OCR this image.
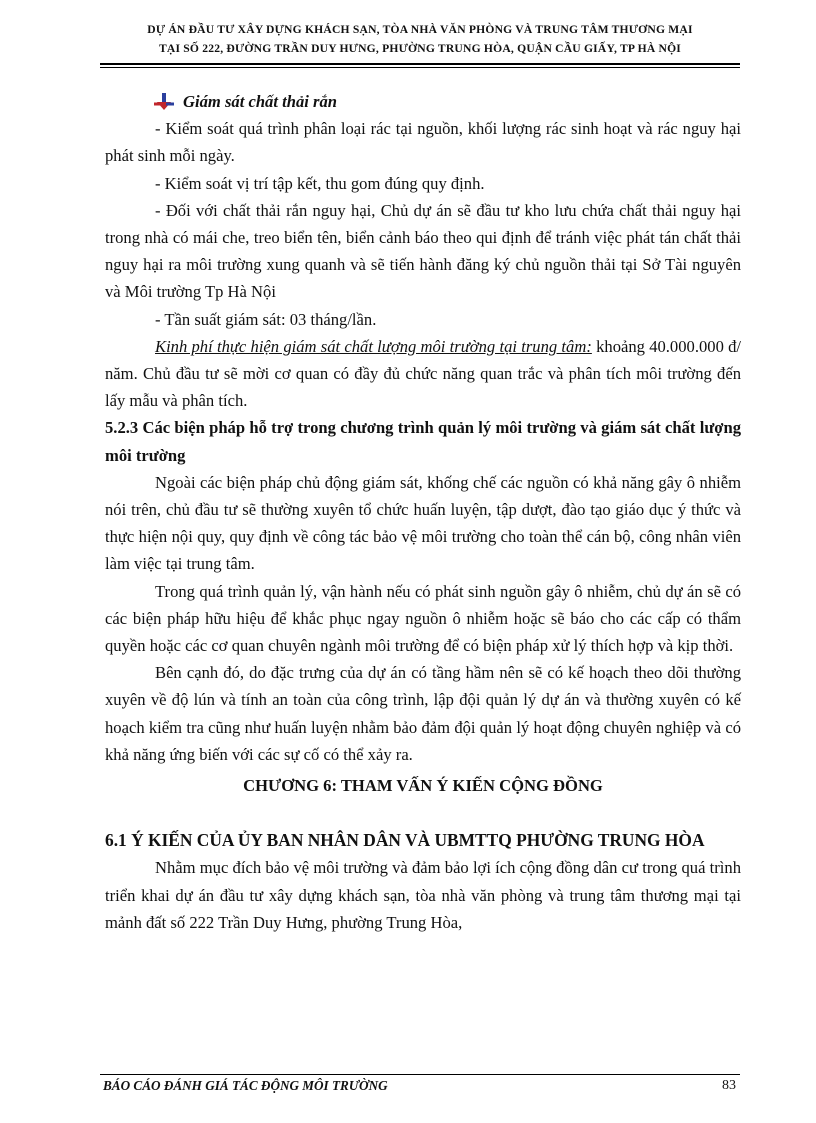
DỰ ÁN ĐẦU TƯ XÂY DỰNG KHÁCH SẠN, TÒA NHÀ VĂN PHÒNG VÀ TRUNG TÂM THƯƠNG MẠI
TẠI SỐ 222, ĐƯỜNG TRẦN DUY HƯNG, PHƯỜNG TRUNG HÒA, QUẬN CẦU GIẤY, TP HÀ NỘI

Giám sát chất thải rắn

- Kiểm soát quá trình phân loại rác tại nguồn, khối lượng rác sinh hoạt và rác nguy hại phát sinh mỗi ngày.

- Kiểm soát vị trí tập kết, thu gom đúng quy định.

- Đối với chất thải rắn nguy hại, Chủ dự án sẽ đầu tư kho lưu chứa chất thải nguy hại trong nhà có mái che, treo biển tên, biển cảnh báo theo qui định để tránh việc phát tán chất thải nguy hại ra môi trường xung quanh và sẽ tiến hành đăng ký chủ nguồn thải tại Sở Tài nguyên và Môi trường Tp Hà Nội

- Tần suất giám sát: 03 tháng/lần.

Kinh phí thực hiện giám sát chất lượng môi trường tại trung tâm: khoảng 40.000.000 đ/ năm. Chủ đầu tư sẽ mời cơ quan có đầy đủ chức năng quan trắc và phân tích môi trường đến lấy mẫu và phân tích.

5.2.3 Các biện pháp hỗ trợ trong chương trình quản lý môi trường và giám sát chất lượng môi trường

Ngoài các biện pháp chủ động giám sát, khống chế các nguồn có khả năng gây ô nhiễm nói trên, chủ đầu tư sẽ thường xuyên tổ chức huấn luyện, tập dượt, đào tạo giáo dục ý thức và thực hiện nội quy, quy định về công tác bảo vệ môi trường cho toàn thể cán bộ, công nhân viên làm việc tại trung tâm.

Trong quá trình quản lý, vận hành nếu có phát sinh nguồn gây ô nhiễm, chủ dự án sẽ có các biện pháp hữu hiệu để khắc phục ngay nguồn ô nhiễm hoặc sẽ báo cho các cấp có thẩm quyền hoặc các cơ quan chuyên ngành môi trường để có biện pháp xử lý thích hợp và kịp thời.

Bên cạnh đó, do đặc trưng của dự án có tầng hầm nên sẽ có kế hoạch theo dõi thường xuyên về độ lún và tính an toàn của công trình, lập đội quản lý dự án và thường xuyên có kế hoạch kiểm tra cũng như huấn luyện nhằm bảo đảm đội quản lý hoạt động chuyên nghiệp và có khả năng ứng biến với các sự cố có thể xảy ra.

CHƯƠNG 6: THAM VẤN Ý KIẾN CỘNG ĐỒNG

6.1 Ý KIẾN CỦA ỦY BAN NHÂN DÂN VÀ UBMTTQ PHƯỜNG TRUNG HÒA

Nhằm mục đích bảo vệ môi trường và đảm bảo lợi ích cộng đồng dân cư trong quá trình triển khai dự án đầu tư xây dựng khách sạn, tòa nhà văn phòng và trung tâm thương mại tại mảnh đất số 222 Trần Duy Hưng, phường Trung Hòa,

BÁO CÁO ĐÁNH GIÁ TÁC ĐỘNG MÔI TRƯỜNG	83
